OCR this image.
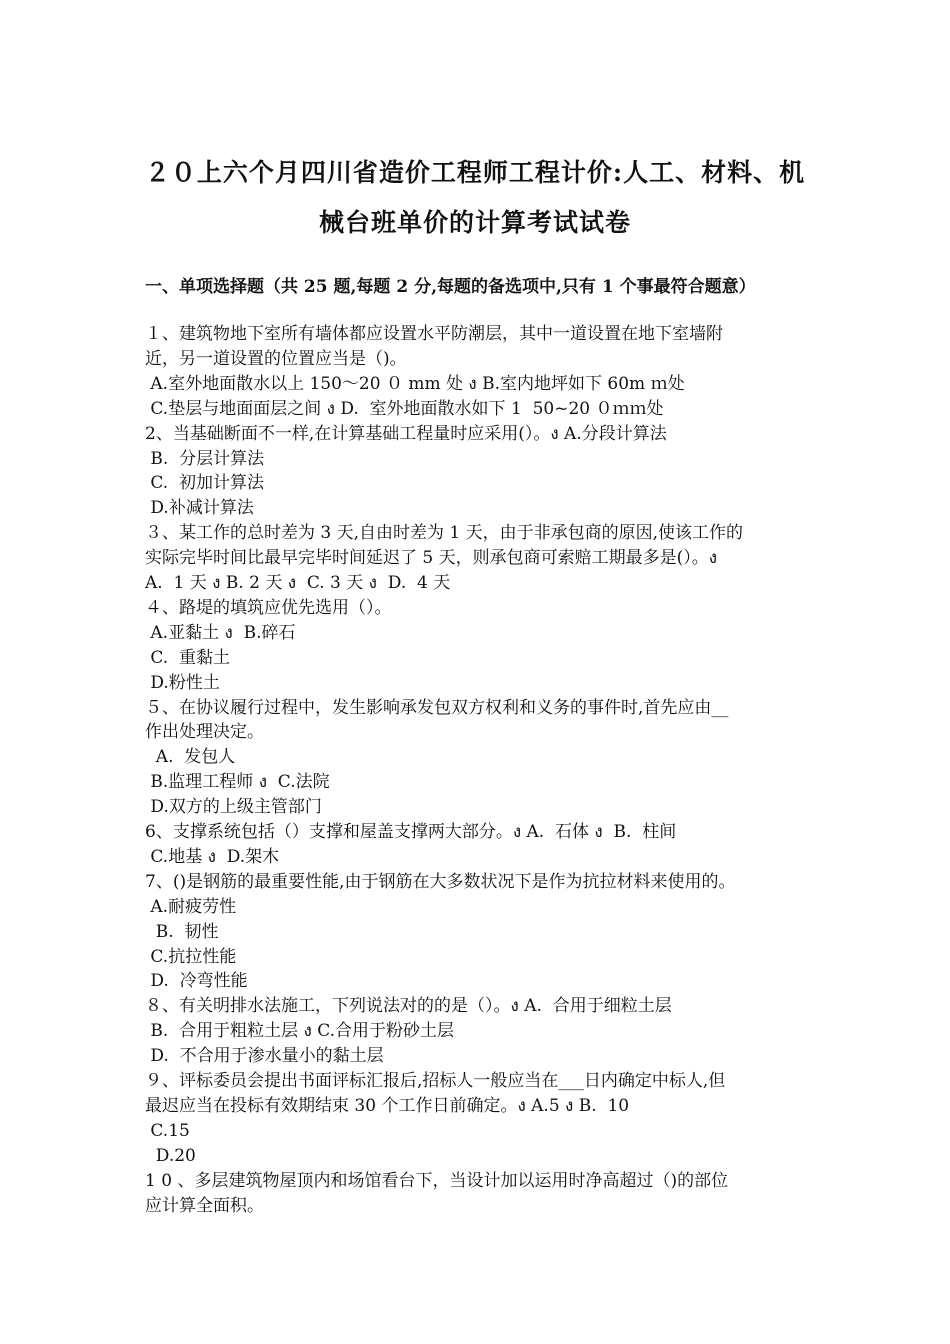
２０上六个月四川省造价工程师工程计价:人工、材料、机
械台班单价的计算考试试卷
一、单项选择题（共 25 题,每题 2 分,每题的备选项中,只有 1 个事最符合题意）
１、建筑物地下室所有墙体都应设置水平防潮层，其中一道设置在地下室墙附
近，另一道设置的位置应当是（)。
A.室外地面散水以上 150～20 ０ mm 处 ง B.室内地坪如下 60m ｍ处
C.垫层与地面面层之间 ง D.  室外地面散水如下 1  50~20 ０ｍｍ处
2、当基础断面不一样,在计算基础工程量时应采用(）。ง A.分段计算法
B.  分层计算法
C.  初加计算法
D.补减计算法
３、某工作的总时差为 3 天,自由时差为 1 天，由于非承包商的原因,使该工作的
实际完毕时间比最早完毕时间延迟了 5 天，则承包商可索赔工期最多是(）。ง
A.  1 天 ง B. 2 天 ง  C. 3 天 ง  D.  4 天
４、路堤的填筑应优先选用（）。
A.亚黏土 ง  B.碎石
C.  重黏土
D.粉性土
５、在协议履行过程中，发生影响承发包双方权利和义务的事件时,首先应由__
作出处理决定。
A.  发包人
B.监理工程师 ง  C.法院
D.双方的上级主管部门
6、支撑系统包括（）支撑和屋盖支撑两大部分。ง A.  石体 ง  B.  柱间
C.地基 ง  D.架木
7、()是钢筋的最重要性能,由于钢筋在大多数状况下是作为抗拉材料来使用的。
A.耐疲劳性
B.  韧性
C.抗拉性能
D.  冷弯性能
８、有关明排水法施工，下列说法对的的是（）。ง A.  合用于细粒土层
B.  合用于粗粒土层 ง C.合用于粉砂土层
D.  不合用于渗水量小的黏土层
９、评标委员会提出书面评标汇报后,招标人一般应当在___日内确定中标人,但
最迟应当在投标有效期结束 30 个工作日前确定。ง A.5 ง B.  10
C.15
D.20
1 0 、多层建筑物屋顶内和场馆看台下，当设计加以运用时净高超过（)的部位
应计算全面积。
